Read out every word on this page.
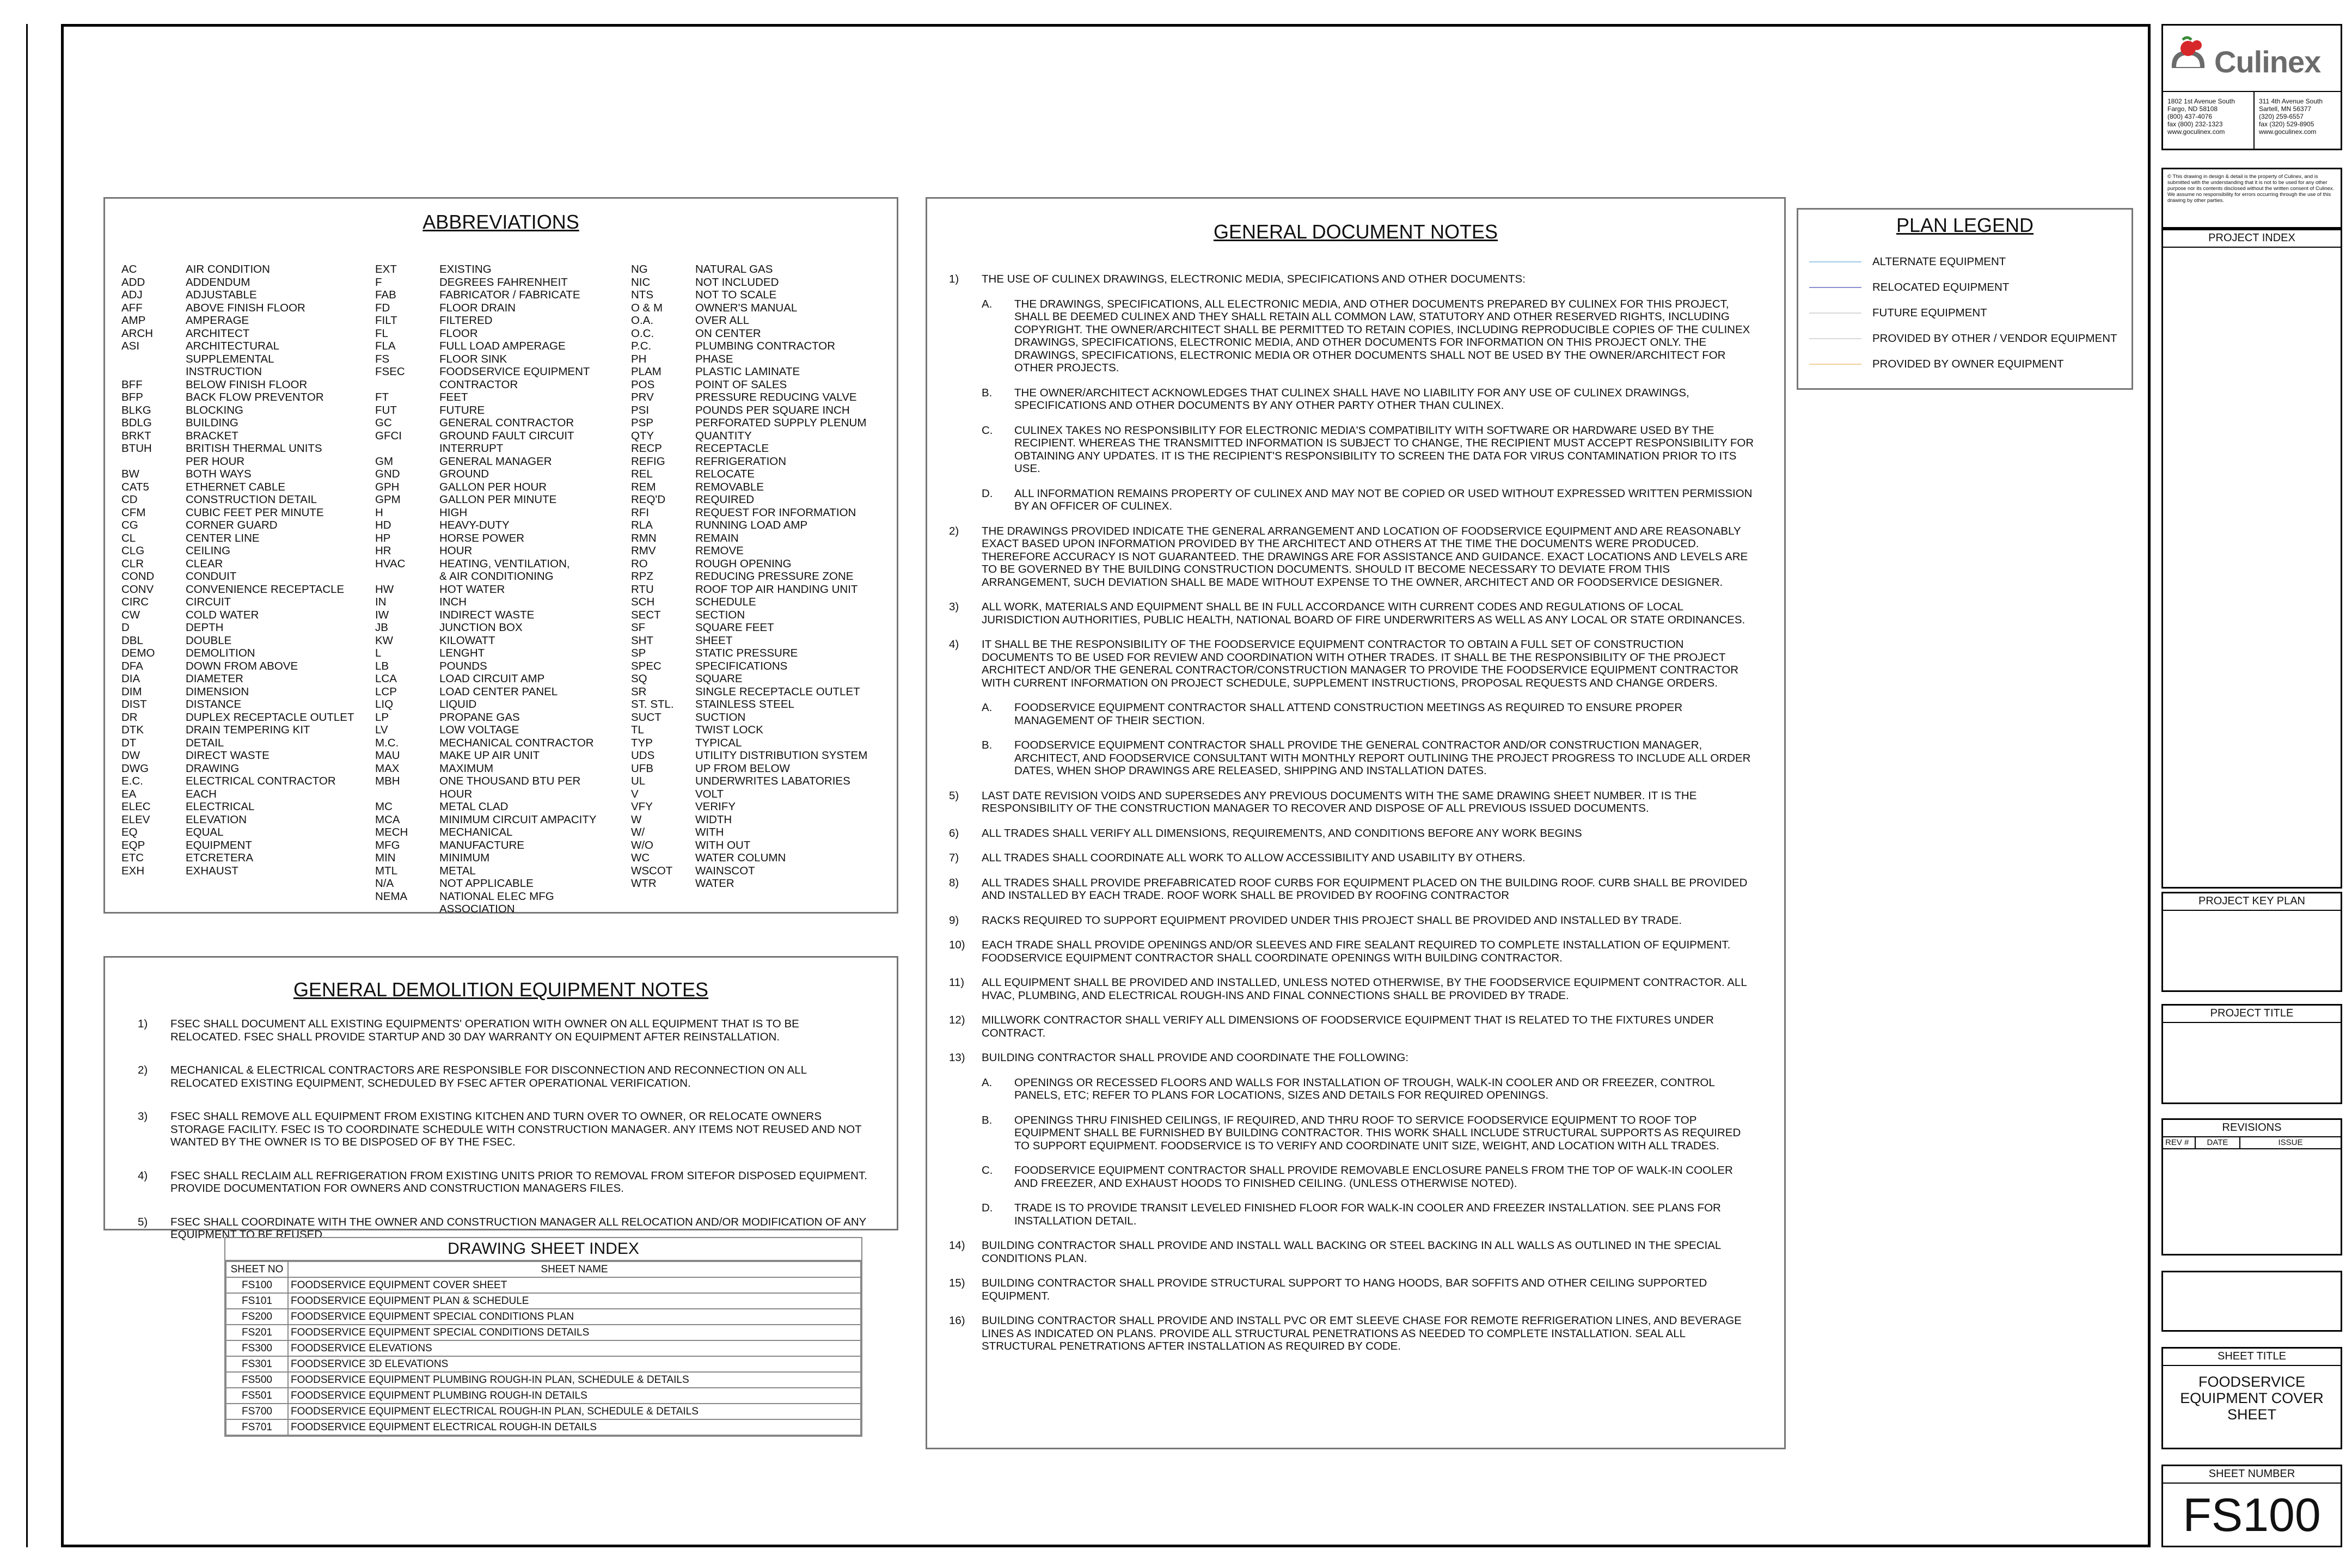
ABBREVIATIONS
AC	AIR CONDITION
ADD	ADDENDUM
ADJ	ADJUSTABLE
AFF	ABOVE FINISH FLOOR
AMP	AMPERAGE
ARCH	ARCHITECT
ASI	ARCHITECTURAL
SUPPLEMENTAL
INSTRUCTION
BFF	BELOW FINISH FLOOR
BFP	BACK FLOW PREVENTOR
BLKG	BLOCKING
BDLG	BUILDING
BRKT	BRACKET
BTUH	BRITISH THERMAL UNITS
PER HOUR
BW	BOTH WAYS
CAT5	ETHERNET CABLE
CD	CONSTRUCTION DETAIL
CFM	CUBIC FEET PER MINUTE
CG	CORNER GUARD
CL	CENTER LINE
CLG	CEILING
CLR	CLEAR
COND	CONDUIT
CONV	CONVENIENCE RECEPTACLE
CIRC	CIRCUIT
CW	COLD WATER
D	DEPTH
DBL	DOUBLE
DEMO	DEMOLITION
DFA	DOWN FROM ABOVE
DIA	DIAMETER
DIM	DIMENSION
DIST	DISTANCE
DR	DUPLEX RECEPTACLE OUTLET
DTK	DRAIN TEMPERING KIT
DT	DETAIL
DW	DIRECT WASTE
DWG	DRAWING
E.C.	ELECTRICAL CONTRACTOR
EA	EACH
ELEC	ELECTRICAL
ELEV	ELEVATION
EQ	EQUAL
EQP	EQUIPMENT
ETC	ETCRETERA
EXH	EXHAUST
EXT	EXISTING
F	DEGREES FAHRENHEIT
FAB	FABRICATOR / FABRICATE
FD	FLOOR DRAIN
FILT	FILTERED
FL	FLOOR
FLA	FULL LOAD AMPERAGE
FS	FLOOR SINK
FSEC	FOODSERVICE EQUIPMENT
CONTRACTOR
FT	FEET
FUT	FUTURE
GC	GENERAL CONTRACTOR
GFCI	GROUND FAULT CIRCUIT
INTERRUPT
GM	GENERAL MANAGER
GND	GROUND
GPH	GALLON PER HOUR
GPM	GALLON PER MINUTE
H	HIGH
HD	HEAVY-DUTY
HP	HORSE POWER
HR	HOUR
HVAC	HEATING, VENTILATION,
& AIR CONDITIONING
HW	HOT WATER
IN	INCH
IW	INDIRECT WASTE
JB	JUNCTION BOX
KW	KILOWATT
L	LENGHT
LB	POUNDS
LCA	LOAD CIRCUIT AMP
LCP	LOAD CENTER PANEL
LIQ	LIQUID
LP	PROPANE GAS
LV	LOW VOLTAGE
M.C.	MECHANICAL CONTRACTOR
MAU	MAKE UP AIR UNIT
MAX	MAXIMUM
MBH	ONE THOUSAND BTU PER
HOUR
MC	METAL CLAD
MCA	MINIMUM CIRCUIT AMPACITY
MECH	MECHANICAL
MFG	MANUFACTURE
MIN	MINIMUM
MTL	METAL
N/A	NOT APPLICABLE
NEMA	NATIONAL ELEC MFG
ASSOCIATION
NG	NATURAL GAS
NIC	NOT INCLUDED
NTS	NOT TO SCALE
O & M	OWNER'S MANUAL
O.A.	OVER ALL
O.C.	ON CENTER
P.C.	PLUMBING CONTRACTOR
PH	PHASE
PLAM	PLASTIC LAMINATE
POS	POINT OF SALES
PRV	PRESSURE REDUCING VALVE
PSI	POUNDS PER SQUARE INCH
PSP	PERFORATED SUPPLY PLENUM
QTY	QUANTITY
RECP	RECEPTACLE
REFIG	REFRIGERATION
REL	RELOCATE
REM	REMOVABLE
REQ'D	REQUIRED
RFI	REQUEST FOR INFORMATION
RLA	RUNNING LOAD AMP
RMN	REMAIN
RMV	REMOVE
RO	ROUGH OPENING
RPZ	REDUCING PRESSURE ZONE
RTU	ROOF TOP AIR HANDING UNIT
SCH	SCHEDULE
SECT	SECTION
SF	SQUARE FEET
SHT	SHEET
SP	STATIC PRESSURE
SPEC	SPECIFICATIONS
SQ	SQUARE
SR	SINGLE RECEPTACLE OUTLET
ST. STL.	STAINLESS STEEL
SUCT	SUCTION
TL	TWIST LOCK
TYP	TYPICAL
UDS	UTILITY DISTRIBUTION SYSTEM
UFB	UP FROM BELOW
UL	UNDERWRITES LABATORIES
V	VOLT
VFY	VERIFY
W	WIDTH
W/	WITH
W/O	WITH OUT
WC	WATER COLUMN
WSCOT	WAINSCOT
WTR	WATER
GENERAL DEMOLITION EQUIPMENT NOTES
1) FSEC SHALL DOCUMENT ALL EXISTING EQUIPMENTS' OPERATION WITH OWNER ON ALL EQUIPMENT THAT IS TO BE RELOCATED. FSEC SHALL PROVIDE STARTUP AND 30 DAY WARRANTY ON EQUIPMENT AFTER REINSTALLATION.
2) MECHANICAL & ELECTRICAL CONTRACTORS ARE RESPONSIBLE FOR DISCONNECTION AND RECONNECTION ON ALL RELOCATED EXISTING EQUIPMENT, SCHEDULED BY FSEC AFTER OPERATIONAL VERIFICATION.
3) FSEC SHALL REMOVE ALL EQUIPMENT FROM EXISTING KITCHEN AND TURN OVER TO OWNER, OR RELOCATE OWNERS STORAGE FACILITY. FSEC IS TO COORDINATE SCHEDULE WITH CONSTRUCTION MANAGER. ANY ITEMS NOT REUSED AND NOT WANTED BY THE OWNER IS TO BE DISPOSED OF BY THE FSEC.
4) FSEC SHALL RECLAIM ALL REFRIGERATION FROM EXISTING UNITS PRIOR TO REMOVAL FROM SITEFOR DISPOSED EQUIPMENT. PROVIDE DOCUMENTATION FOR OWNERS AND CONSTRUCTION MANAGERS FILES.
5) FSEC SHALL COORDINATE WITH THE OWNER AND CONSTRUCTION MANAGER ALL RELOCATION AND/OR MODIFICATION OF ANY EQUIPMENT TO BE REUSED.
DRAWING SHEET INDEX
SHEET NO	SHEET NAME
FS100	FOODSERVICE EQUIPMENT COVER SHEET
FS101	FOODSERVICE EQUIPMENT PLAN & SCHEDULE
FS200	FOODSERVICE EQUIPMENT SPECIAL CONDITIONS PLAN
FS201	FOODSERVICE EQUIPMENT SPECIAL CONDITIONS DETAILS
FS300	FOODSERVICE ELEVATIONS
FS301	FOODSERVICE 3D ELEVATIONS
FS500	FOODSERVICE EQUIPMENT PLUMBING ROUGH-IN PLAN, SCHEDULE & DETAILS
FS501	FOODSERVICE EQUIPMENT PLUMBING ROUGH-IN DETAILS
FS700	FOODSERVICE EQUIPMENT ELECTRICAL ROUGH-IN PLAN, SCHEDULE & DETAILS
FS701	FOODSERVICE EQUIPMENT ELECTRICAL ROUGH-IN DETAILS
GENERAL DOCUMENT NOTES
1) THE USE OF CULINEX DRAWINGS, ELECTRONIC MEDIA, SPECIFICATIONS AND OTHER DOCUMENTS:
A. THE DRAWINGS, SPECIFICATIONS, ALL ELECTRONIC MEDIA, AND OTHER DOCUMENTS PREPARED BY CULINEX FOR THIS PROJECT, SHALL BE DEEMED CULINEX AND THEY SHALL RETAIN ALL COMMON LAW, STATUTORY AND OTHER RESERVED RIGHTS, INCLUDING COPYRIGHT. THE OWNER/ARCHITECT SHALL BE PERMITTED TO RETAIN COPIES, INCLUDING REPRODUCIBLE COPIES OF THE CULINEX DRAWINGS, SPECIFICATIONS, ELECTRONIC MEDIA, AND OTHER DOCUMENTS FOR INFORMATION ON THIS PROJECT ONLY. THE DRAWINGS, SPECIFICATIONS, ELECTRONIC MEDIA OR OTHER DOCUMENTS SHALL NOT BE USED BY THE OWNER/ARCHITECT FOR OTHER PROJECTS.
B. THE OWNER/ARCHITECT ACKNOWLEDGES THAT CULINEX SHALL HAVE NO LIABILITY FOR ANY USE OF CULINEX DRAWINGS, SPECIFICATIONS AND OTHER DOCUMENTS BY ANY OTHER PARTY OTHER THAN CULINEX.
C. CULINEX TAKES NO RESPONSIBILITY FOR ELECTRONIC MEDIA'S COMPATIBILITY WITH SOFTWARE OR HARDWARE USED BY THE RECIPIENT. WHEREAS THE TRANSMITTED INFORMATION IS SUBJECT TO CHANGE, THE RECIPIENT MUST ACCEPT RESPONSIBILITY FOR OBTAINING ANY UPDATES. IT IS THE RECIPIENT'S RESPONSIBILITY TO SCREEN THE DATA FOR VIRUS CONTAMINATION PRIOR TO ITS USE.
D. ALL INFORMATION REMAINS PROPERTY OF CULINEX AND MAY NOT BE COPIED OR USED WITHOUT EXPRESSED WRITTEN PERMISSION BY AN OFFICER OF CULINEX.
2) THE DRAWINGS PROVIDED INDICATE THE GENERAL ARRANGEMENT AND LOCATION OF FOODSERVICE EQUIPMENT AND ARE REASONABLY EXACT BASED UPON INFORMATION PROVIDED BY THE ARCHITECT AND OTHERS AT THE TIME THE DOCUMENTS WERE PRODUCED. THEREFORE ACCURACY IS NOT GUARANTEED. THE DRAWINGS ARE FOR ASSISTANCE AND GUIDANCE. EXACT LOCATIONS AND LEVELS ARE TO BE GOVERNED BY THE BUILDING CONSTRUCTION DOCUMENTS. SHOULD IT BECOME NECESSARY TO DEVIATE FROM THIS ARRANGEMENT, SUCH DEVIATION SHALL BE MADE WITHOUT EXPENSE TO THE OWNER, ARCHITECT AND OR FOODSERVICE DESIGNER.
3) ALL WORK, MATERIALS AND EQUIPMENT SHALL BE IN FULL ACCORDANCE WITH CURRENT CODES AND REGULATIONS OF LOCAL JURISDICTION AUTHORITIES, PUBLIC HEALTH, NATIONAL BOARD OF FIRE UNDERWRITERS AS WELL AS ANY LOCAL OR STATE ORDINANCES.
4) IT SHALL BE THE RESPONSIBILITY OF THE FOODSERVICE EQUIPMENT CONTRACTOR TO OBTAIN A FULL SET OF CONSTRUCTION DOCUMENTS TO BE USED FOR REVIEW AND COORDINATION WITH OTHER TRADES. IT SHALL BE THE RESPONSIBILITY OF THE PROJECT ARCHITECT AND/OR THE GENERAL CONTRACTOR/CONSTRUCTION MANAGER TO PROVIDE THE FOODSERVICE EQUIPMENT CONTRACTOR WITH CURRENT INFORMATION ON PROJECT SCHEDULE, SUPPLEMENT INSTRUCTIONS, PROPOSAL REQUESTS AND CHANGE ORDERS.
A. FOODSERVICE EQUIPMENT CONTRACTOR SHALL ATTEND CONSTRUCTION MEETINGS AS REQUIRED TO ENSURE PROPER MANAGEMENT OF THEIR SECTION.
B. FOODSERVICE EQUIPMENT CONTRACTOR SHALL PROVIDE THE GENERAL CONTRACTOR AND/OR CONSTRUCTION MANAGER, ARCHITECT, AND FOODSERVICE CONSULTANT WITH MONTHLY REPORT OUTLINING THE PROJECT PROGRESS TO INCLUDE ALL ORDER DATES, WHEN SHOP DRAWINGS ARE RELEASED, SHIPPING AND INSTALLATION DATES.
5) LAST DATE REVISION VOIDS AND SUPERSEDES ANY PREVIOUS DOCUMENTS WITH THE SAME DRAWING SHEET NUMBER. IT IS THE RESPONSIBILITY OF THE CONSTRUCTION MANAGER TO RECOVER AND DISPOSE OF ALL PREVIOUS ISSUED DOCUMENTS.
6) ALL TRADES SHALL VERIFY ALL DIMENSIONS, REQUIREMENTS, AND CONDITIONS BEFORE ANY WORK BEGINS
7) ALL TRADES SHALL COORDINATE ALL WORK TO ALLOW ACCESSIBILITY AND USABILITY BY OTHERS.
8) ALL TRADES SHALL PROVIDE PREFABRICATED ROOF CURBS FOR EQUIPMENT PLACED ON THE BUILDING ROOF. CURB SHALL BE PROVIDED AND INSTALLED BY EACH TRADE. ROOF WORK SHALL BE PROVIDED BY ROOFING CONTRACTOR
9) RACKS REQUIRED TO SUPPORT EQUIPMENT PROVIDED UNDER THIS PROJECT SHALL BE PROVIDED AND INSTALLED BY TRADE.
10) EACH TRADE SHALL PROVIDE OPENINGS AND/OR SLEEVES AND FIRE SEALANT REQUIRED TO COMPLETE INSTALLATION OF EQUIPMENT. FOODSERVICE EQUIPMENT CONTRACTOR SHALL COORDINATE OPENINGS WITH BUILDING CONTRACTOR.
11) ALL EQUIPMENT SHALL BE PROVIDED AND INSTALLED, UNLESS NOTED OTHERWISE, BY THE FOODSERVICE EQUIPMENT CONTRACTOR. ALL HVAC, PLUMBING, AND ELECTRICAL ROUGH-INS AND FINAL CONNECTIONS SHALL BE PROVIDED BY TRADE.
12) MILLWORK CONTRACTOR SHALL VERIFY ALL DIMENSIONS OF FOODSERVICE EQUIPMENT THAT IS RELATED TO THE FIXTURES UNDER CONTRACT.
13) BUILDING CONTRACTOR SHALL PROVIDE AND COORDINATE THE FOLLOWING:
A. OPENINGS OR RECESSED FLOORS AND WALLS FOR INSTALLATION OF TROUGH, WALK-IN COOLER AND OR FREEZER, CONTROL PANELS, ETC; REFER TO PLANS FOR LOCATIONS, SIZES AND DETAILS FOR REQUIRED OPENINGS.
B. OPENINGS THRU FINISHED CEILINGS, IF REQUIRED, AND THRU ROOF TO SERVICE FOODSERVICE EQUIPMENT TO ROOF TOP EQUIPMENT SHALL BE FURNISHED BY BUILDING CONTRACTOR. THIS WORK SHALL INCLUDE STRUCTURAL SUPPORTS AS REQUIRED TO SUPPORT EQUIPMENT. FOODSERVICE IS TO VERIFY AND COORDINATE UNIT SIZE, WEIGHT, AND LOCATION WITH ALL TRADES.
C. FOODSERVICE EQUIPMENT CONTRACTOR SHALL PROVIDE REMOVABLE ENCLOSURE PANELS FROM THE TOP OF WALK-IN COOLER AND FREEZER, AND EXHAUST HOODS TO FINISHED CEILING. (UNLESS OTHERWISE NOTED).
D. TRADE IS TO PROVIDE TRANSIT LEVELED FINISHED FLOOR FOR WALK-IN COOLER AND FREEZER INSTALLATION. SEE PLANS FOR INSTALLATION DETAIL.
14) BUILDING CONTRACTOR SHALL PROVIDE AND INSTALL WALL BACKING OR STEEL BACKING IN ALL WALLS AS OUTLINED IN THE SPECIAL CONDITIONS PLAN.
15) BUILDING CONTRACTOR SHALL PROVIDE STRUCTURAL SUPPORT TO HANG HOODS, BAR SOFFITS AND OTHER CEILING SUPPORTED EQUIPMENT.
16) BUILDING CONTRACTOR SHALL PROVIDE AND INSTALL PVC OR EMT SLEEVE CHASE FOR REMOTE REFRIGERATION LINES, AND BEVERAGE LINES AS INDICATED ON PLANS. PROVIDE ALL STRUCTURAL PENETRATIONS AS NEEDED TO COMPLETE INSTALLATION. SEAL ALL STRUCTURAL PENETRATIONS AFTER INSTALLATION AS REQUIRED BY CODE.
PLAN LEGEND
ALTERNATE EQUIPMENT
RELOCATED EQUIPMENT
FUTURE EQUIPMENT
PROVIDED BY OTHER / VENDOR EQUIPMENT
PROVIDED BY OWNER EQUIPMENT
Culinex
1802 1st Avenue South
Fargo, ND 58108
(800) 437-4076
fax (800) 232-1323
www.goculinex.com
311 4th Avenue South
Sartell, MN 56377
(320) 259-6557
fax (320) 529-8905
www.goculinex.com
© This drawing in design & detail is the property of Culinex, and is submitted with the understanding that it is not to be used for any other purpose nor its contents disclosed without the written consent of Culinex. We assume no responsibility for errors occurring through the use of this drawing by other parties.
PROJECT INDEX
PROJECT KEY PLAN
PROJECT TITLE
REVISIONS
REV #	DATE	ISSUE
SHEET TITLE
FOODSERVICE EQUIPMENT COVER SHEET
SHEET NUMBER
FS100
